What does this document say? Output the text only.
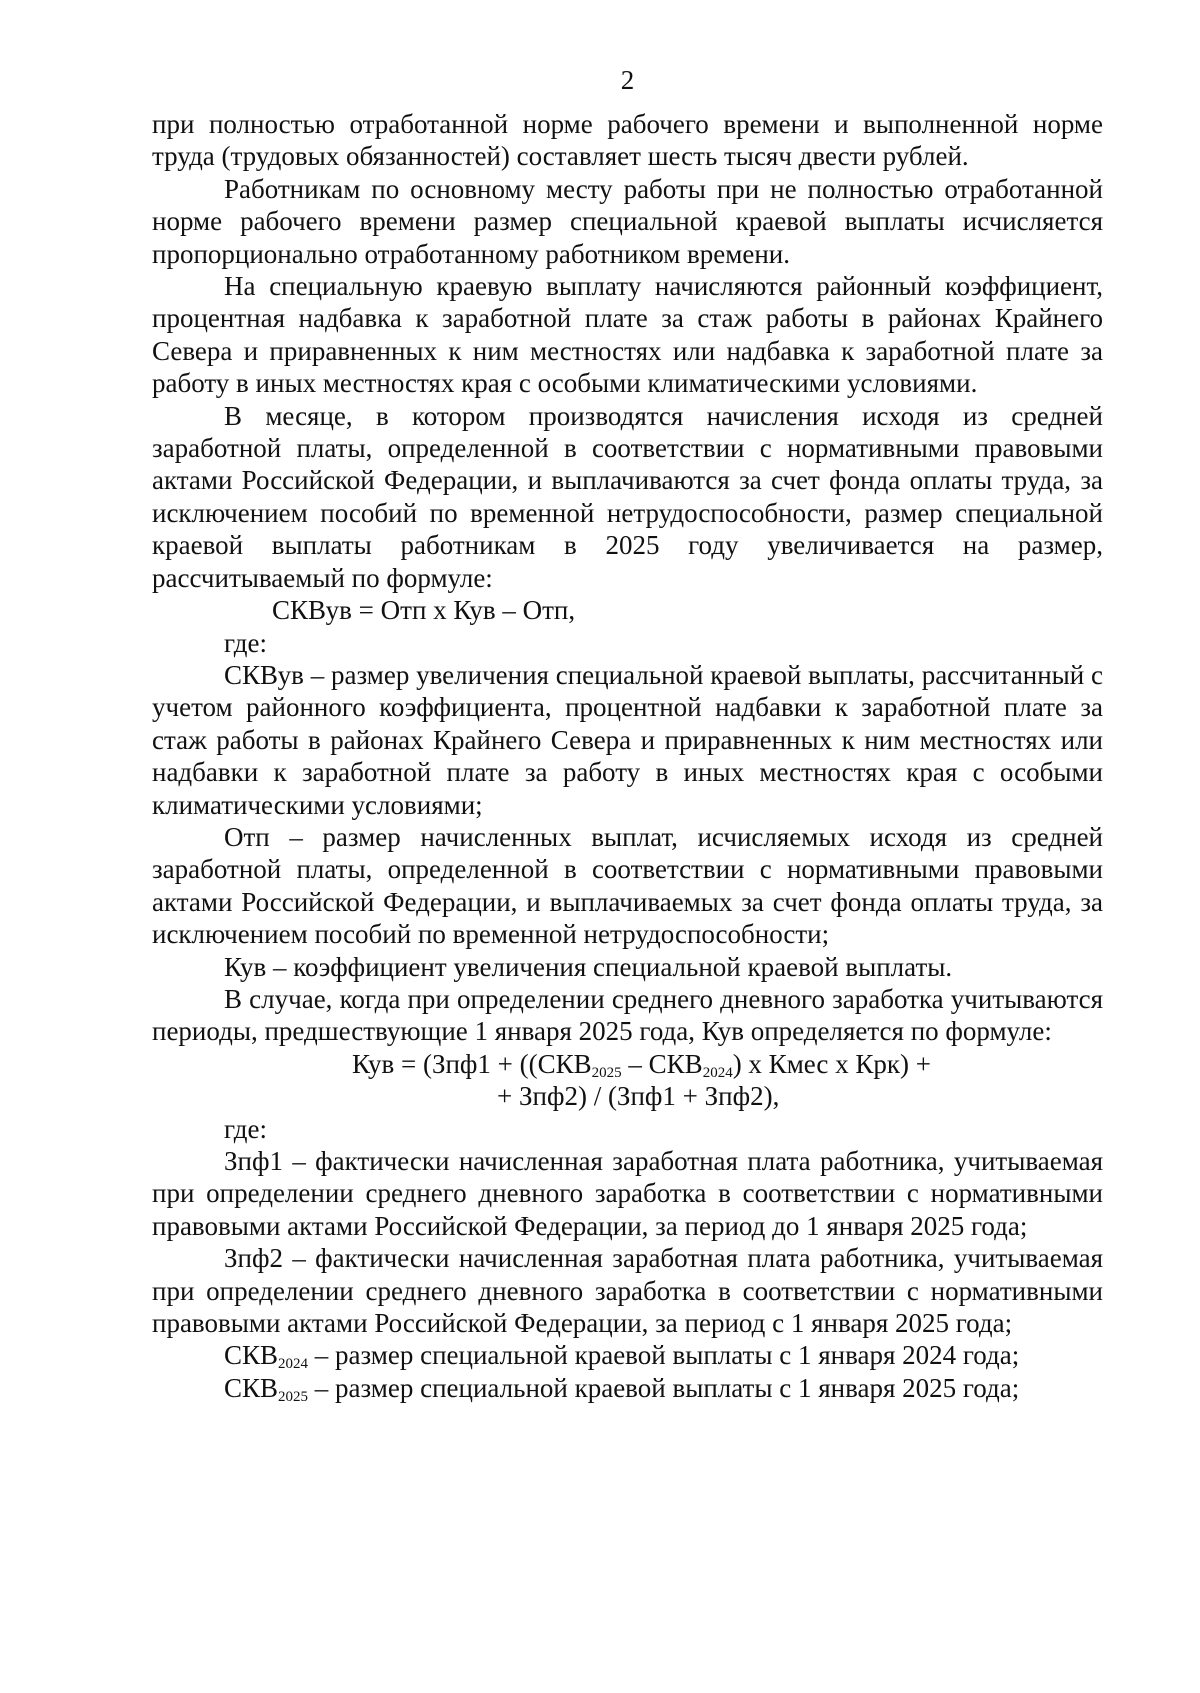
2

при полностью отработанной норме рабочего времени и выполненной норме труда (трудовых обязанностей) составляет шесть тысяч двести рублей.

Работникам по основному месту работы при не полностью отработанной норме рабочего времени размер специальной краевой выплаты исчисляется пропорционально отработанному работником времени.

На специальную краевую выплату начисляются районный коэффициент, процентная надбавка к заработной плате за стаж работы в районах Крайнего Севера и приравненных к ним местностях или надбавка к заработной плате за работу в иных местностях края с особыми климатическими условиями.

В месяце, в котором производятся начисления исходя из средней заработной платы, определенной в соответствии с нормативными правовыми актами Российской Федерации, и выплачиваются за счет фонда оплаты труда, за исключением пособий по временной нетрудоспособности, размер специальной краевой выплаты работникам в 2025 году увеличивается на размер, рассчитываемый по формуле:

СКВув = Отп х Кув – Отп,

где:

СКВув – размер увеличения специальной краевой выплаты, рассчитанный с учетом районного коэффициента, процентной надбавки к заработной плате за стаж работы в районах Крайнего Севера и приравненных к ним местностях или надбавки к заработной плате за работу в иных местностях края с особыми климатическими условиями;

Отп – размер начисленных выплат, исчисляемых исходя из средней заработной платы, определенной в соответствии с нормативными правовыми актами Российской Федерации, и выплачиваемых за счет фонда оплаты труда, за исключением пособий по временной нетрудоспособности;

Кув – коэффициент увеличения специальной краевой выплаты.

В случае, когда при определении среднего дневного заработка учитываются периоды, предшествующие 1 января 2025 года, Кув определяется по формуле:

Кув = ($Зпф1 + ((СКВ_{2025} - СКВ_{2024})$ х Кмес х Крк) +

+ Зпф2) / (Зпф1 + Зпф2),

где:

Зпф1 – фактически начисленная заработная плата работника, учитываемая при определении среднего дневного заработка в соответствии с нормативными правовыми актами Российской Федерации, за период до 1 января 2025 года;

Зпф2 – фактически начисленная заработная плата работника, учитываемая при определении среднего дневного заработка в соответствии с нормативными правовыми актами Российской Федерации, за период с 1 января 2025 года;

$СКВ_{2024}$ – размер специальной краевой выплаты с 1 января 2024 года;

$СКВ_{2025}$ – размер специальной краевой выплаты с 1 января 2025 года;
